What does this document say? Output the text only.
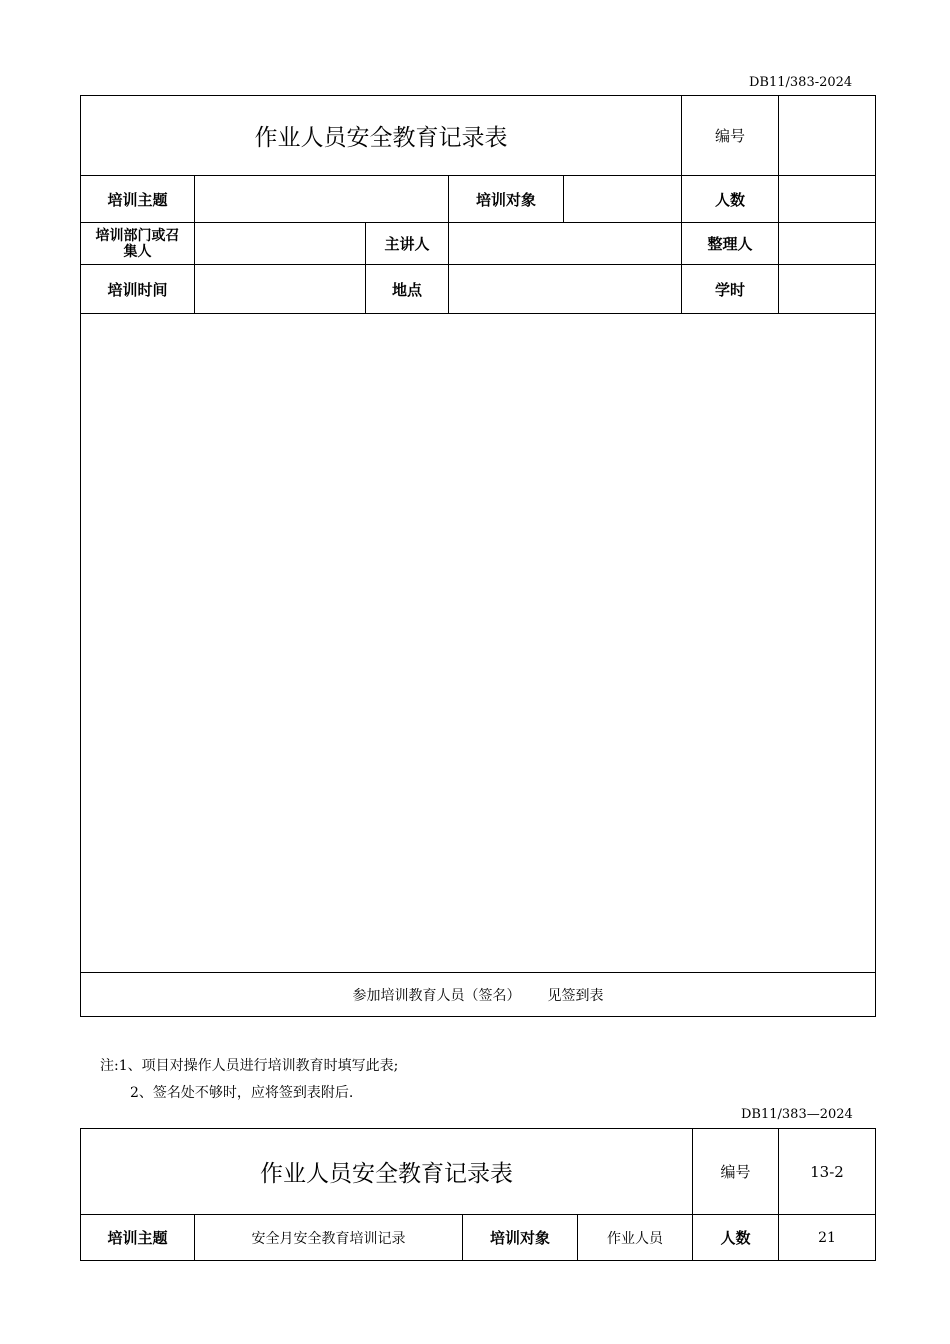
DB11/383-2024
作业人员安全教育记录表					编号	
培训主题			培训对象		人数	

培训部门或召集人		主讲人			整理人	
培训时间		地点			学时	

参加培训教育人员（签名） 见签到表						
注:1、项目对操作人员进行培训教育时填写此表;
2、签名处不够时，应将签到表附后.
DB11/383—2024
作业人员安全教育记录表				编号	13-2
培训主题	安全月安全教育培训记录	培训对象	作业人员	人数	21
